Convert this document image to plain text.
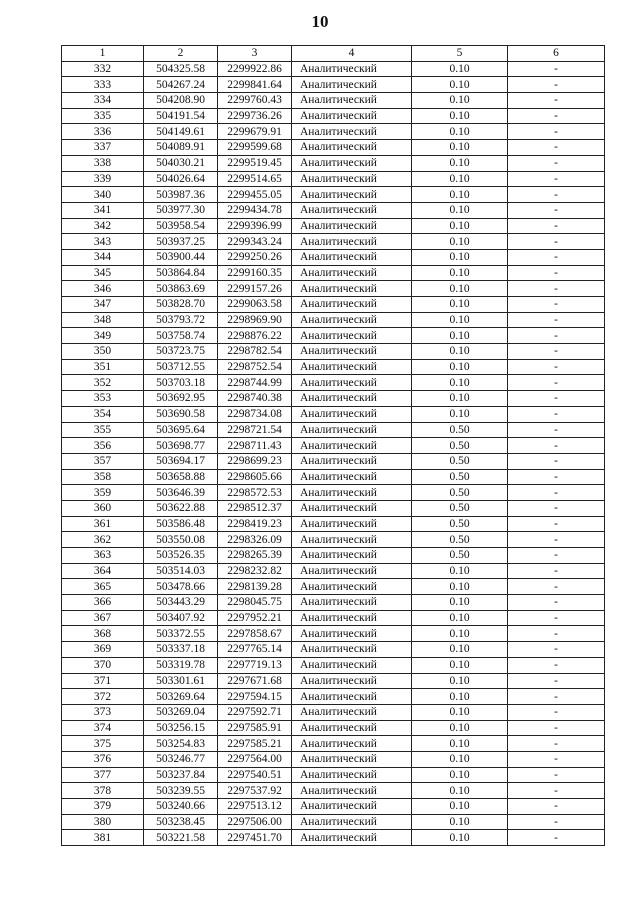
10
1	2	3	4	5	6
332	504325.58	2299922.86	Аналитический	0.10	-
333	504267.24	2299841.64	Аналитический	0.10	-
334	504208.90	2299760.43	Аналитический	0.10	-
335	504191.54	2299736.26	Аналитический	0.10	-
336	504149.61	2299679.91	Аналитический	0.10	-
337	504089.91	2299599.68	Аналитический	0.10	-
338	504030.21	2299519.45	Аналитический	0.10	-
339	504026.64	2299514.65	Аналитический	0.10	-
340	503987.36	2299455.05	Аналитический	0.10	-
341	503977.30	2299434.78	Аналитический	0.10	-
342	503958.54	2299396.99	Аналитический	0.10	-
343	503937.25	2299343.24	Аналитический	0.10	-
344	503900.44	2299250.26	Аналитический	0.10	-
345	503864.84	2299160.35	Аналитический	0.10	-
346	503863.69	2299157.26	Аналитический	0.10	-
347	503828.70	2299063.58	Аналитический	0.10	-
348	503793.72	2298969.90	Аналитический	0.10	-
349	503758.74	2298876.22	Аналитический	0.10	-
350	503723.75	2298782.54	Аналитический	0.10	-
351	503712.55	2298752.54	Аналитический	0.10	-
352	503703.18	2298744.99	Аналитический	0.10	-
353	503692.95	2298740.38	Аналитический	0.10	-
354	503690.58	2298734.08	Аналитический	0.10	-
355	503695.64	2298721.54	Аналитический	0.50	-
356	503698.77	2298711.43	Аналитический	0.50	-
357	503694.17	2298699.23	Аналитический	0.50	-
358	503658.88	2298605.66	Аналитический	0.50	-
359	503646.39	2298572.53	Аналитический	0.50	-
360	503622.88	2298512.37	Аналитический	0.50	-
361	503586.48	2298419.23	Аналитический	0.50	-
362	503550.08	2298326.09	Аналитический	0.50	-
363	503526.35	2298265.39	Аналитический	0.50	-
364	503514.03	2298232.82	Аналитический	0.10	-
365	503478.66	2298139.28	Аналитический	0.10	-
366	503443.29	2298045.75	Аналитический	0.10	-
367	503407.92	2297952.21	Аналитический	0.10	-
368	503372.55	2297858.67	Аналитический	0.10	-
369	503337.18	2297765.14	Аналитический	0.10	-
370	503319.78	2297719.13	Аналитический	0.10	-
371	503301.61	2297671.68	Аналитический	0.10	-
372	503269.64	2297594.15	Аналитический	0.10	-
373	503269.04	2297592.71	Аналитический	0.10	-
374	503256.15	2297585.91	Аналитический	0.10	-
375	503254.83	2297585.21	Аналитический	0.10	-
376	503246.77	2297564.00	Аналитический	0.10	-
377	503237.84	2297540.51	Аналитический	0.10	-
378	503239.55	2297537.92	Аналитический	0.10	-
379	503240.66	2297513.12	Аналитический	0.10	-
380	503238.45	2297506.00	Аналитический	0.10	-
381	503221.58	2297451.70	Аналитический	0.10	-
